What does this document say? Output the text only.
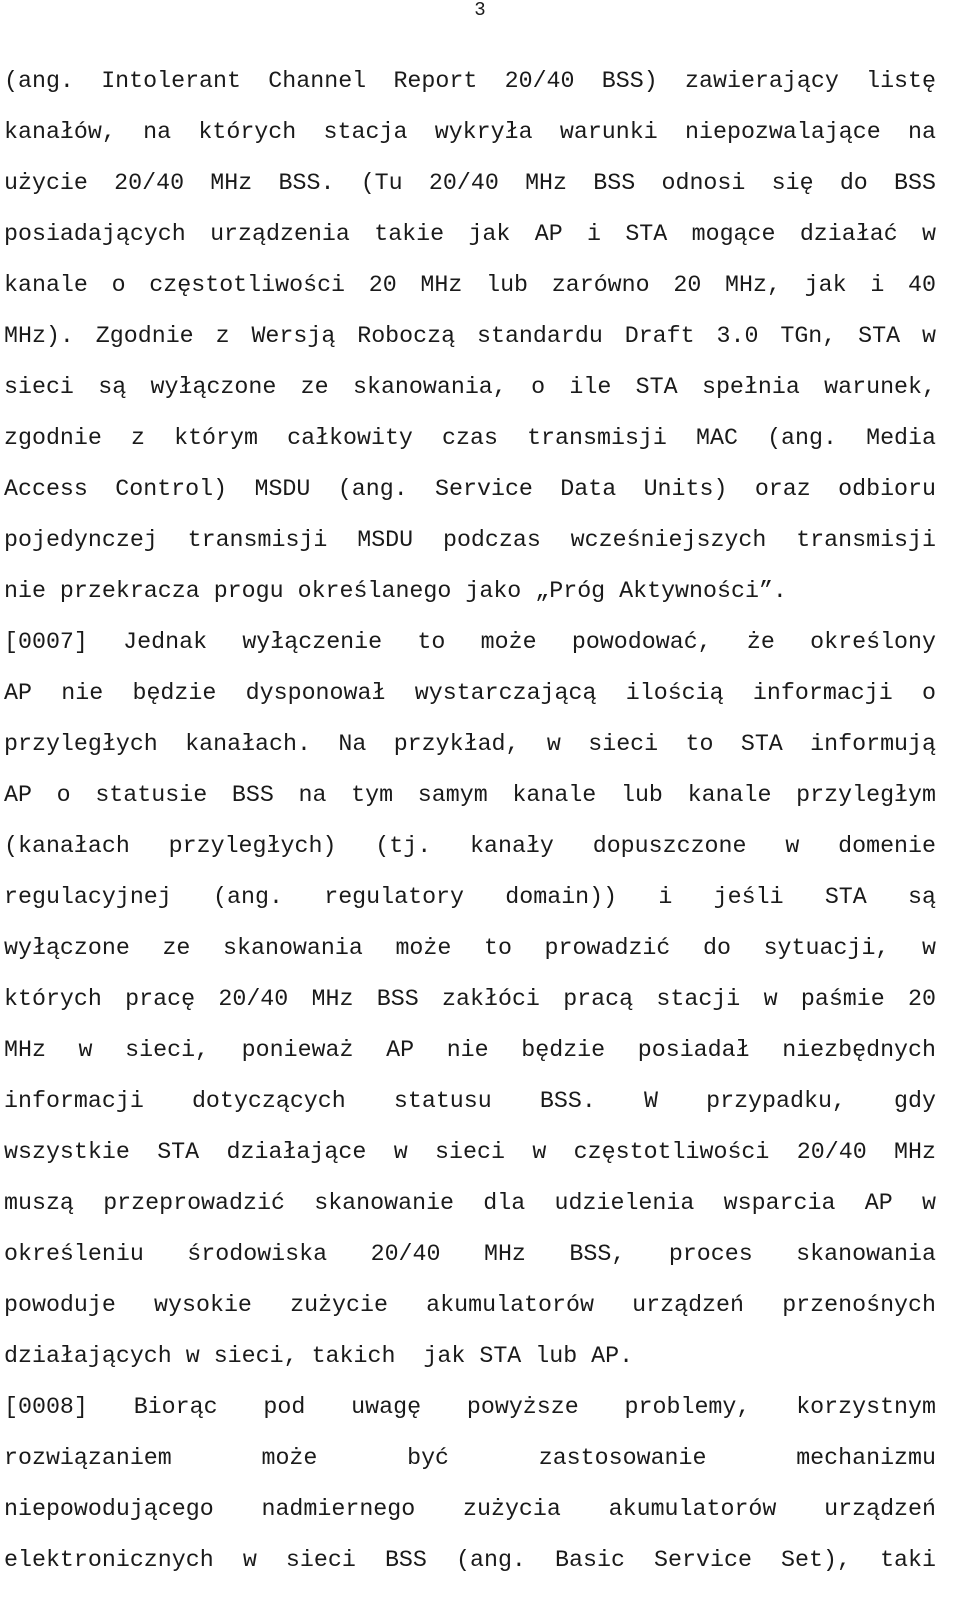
3
(ang. Intolerant Channel Report 20/40 BSS) zawierający listę
kanałów, na których stacja wykryła warunki niepozwalające na
użycie 20/40 MHz BSS. (Tu 20/40 MHz BSS odnosi się do BSS
posiadających urządzenia takie jak AP i STA mogące działać w
kanale o częstotliwości 20 MHz lub zarówno 20 MHz, jak i 40
MHz). Zgodnie z Wersją Roboczą standardu Draft 3.0 TGn, STA w
sieci są wyłączone ze skanowania, o ile STA spełnia warunek,
zgodnie z którym całkowity czas transmisji MAC (ang. Media
Access Control) MSDU (ang. Service Data Units) oraz odbioru
pojedynczej transmisji MSDU podczas wcześniejszych transmisji
nie przekracza progu określanego jako „Próg Aktywności”.
[0007] Jednak wyłączenie to może powodować, że określony
AP nie będzie dysponował wystarczającą ilością informacji o
przyległych kanałach. Na przykład, w sieci to STA informują
AP o statusie BSS na tym samym kanale lub kanale przyległym
(kanałach przyległych) (tj. kanały dopuszczone w domenie
regulacyjnej (ang. regulatory domain)) i jeśli STA są
wyłączone ze skanowania może to prowadzić do sytuacji, w
których pracę 20/40 MHz BSS zakłóci pracą stacji w paśmie 20
MHz w sieci, ponieważ AP nie będzie posiadał niezbędnych
informacji dotyczących statusu BSS. W przypadku, gdy
wszystkie STA działające w sieci w częstotliwości 20/40 MHz
muszą przeprowadzić skanowanie dla udzielenia wsparcia AP w
określeniu środowiska 20/40 MHz BSS, proces skanowania
powoduje wysokie zużycie akumulatorów urządzeń przenośnych
działających w sieci, takich  jak STA lub AP.
[0008] Biorąc pod uwagę powyższe problemy, korzystnym
rozwiązaniem może być zastosowanie mechanizmu
niepowodującego nadmiernego zużycia akumulatorów urządzeń
elektronicznych w sieci BSS (ang. Basic Service Set), taki
